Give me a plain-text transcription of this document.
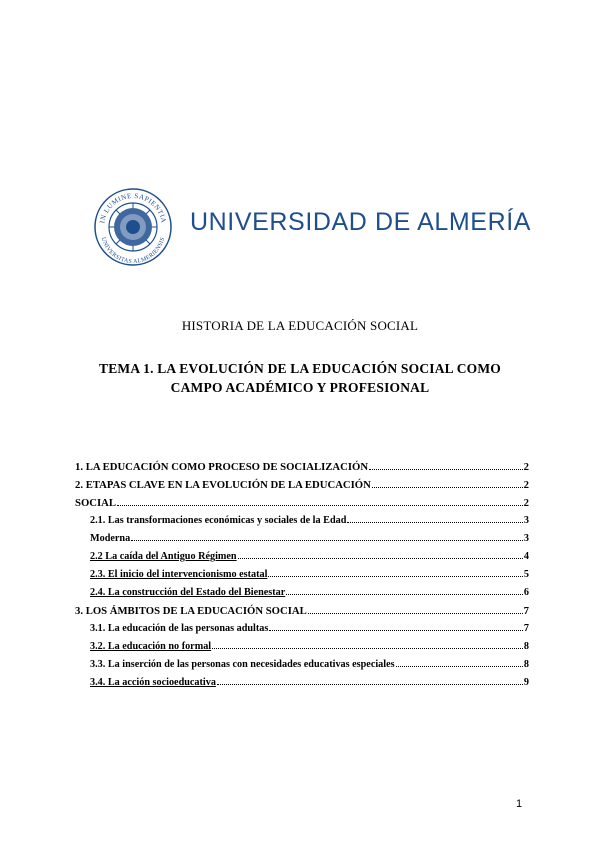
IN LUMINE SAPIENTIA
UNIVERSITAS ALMERIENSIS
UNIVERSIDAD DE ALMERÍA
HISTORIA DE LA EDUCACIÓN SOCIAL
TEMA 1. LA EVOLUCIÓN DE LA EDUCACIÓN SOCIAL COMO
CAMPO ACADÉMICO Y PROFESIONAL
1. LA EDUCACIÓN COMO PROCESO DE SOCIALIZACIÓN	2
2. ETAPAS CLAVE EN LA EVOLUCIÓN DE LA EDUCACIÓN	2
SOCIAL	2
2.1. Las transformaciones económicas y sociales de la Edad	3
Moderna	3
2.2 La caída del Antiguo Régimen	4
2.3. El inicio del intervencionismo estatal	5
2.4. La construcción del Estado del Bienestar	6
3. LOS ÁMBITOS DE LA EDUCACIÓN SOCIAL	7
3.1. La educación de las personas adultas	7
3.2. La educación no formal	8
3.3. La inserción de las personas con necesidades educativas especiales	8
3.4. La acción socioeducativa	9
1
